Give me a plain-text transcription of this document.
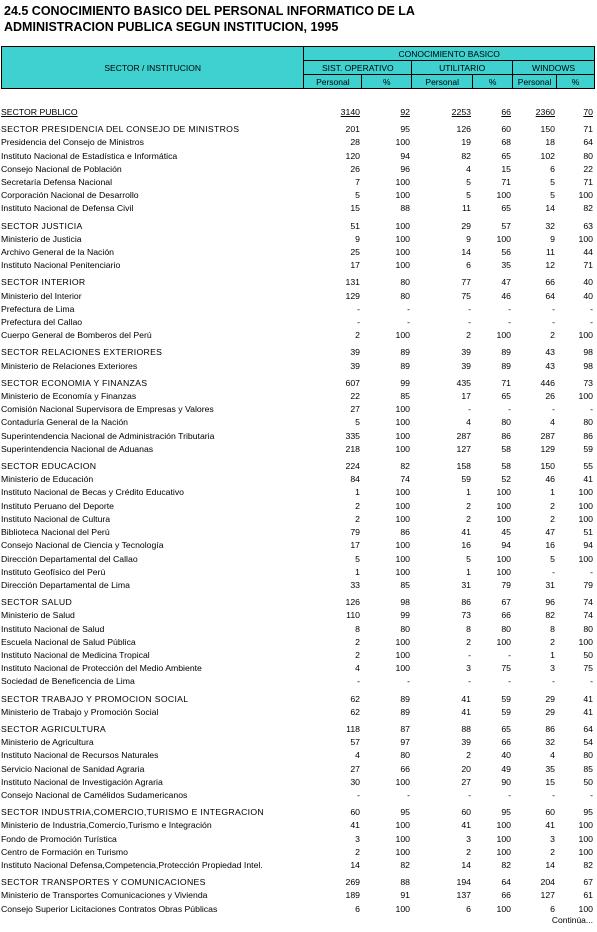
24.5 CONOCIMIENTO BASICO DEL PERSONAL INFORMATICO DE LA
ADMINISTRACION PUBLICA SEGUN INSTITUCION, 1995
SECTOR / INSTITUCION	CONOCIMIENTO BASICO					
	SIST. OPERATIVO		UTILITARIO		WINDOWS	
	Personal	%	Personal	%	Personal	%

SECTOR PUBLICO	3140	92	2253	66	2360	70

SECTOR PRESIDENCIA DEL CONSEJO DE MINISTROS	201	95	126	60	150	71
Presidencia del Consejo de Ministros	28	100	19	68	18	64
Instituto Nacional de Estadística e Informática	120	94	82	65	102	80
Consejo Nacional de Población	26	96	4	15	6	22
Secretaría Defensa Nacional	7	100	5	71	5	71
Corporación Nacional de Desarrollo	5	100	5	100	5	100
Instituto Nacional de Defensa Civil	15	88	11	65	14	82

SECTOR JUSTICIA	51	100	29	57	32	63
Ministerio de Justicia	9	100	9	100	9	100
Archivo General de la Nación	25	100	14	56	11	44
Instituto Nacional Penitenciario	17	100	6	35	12	71

SECTOR INTERIOR	131	80	77	47	66	40
Ministerio del Interior	129	80	75	46	64	40
Prefectura de Lima	-	-	-	-	-	-
Prefectura del Callao	-	-	-	-	-	-
Cuerpo General de Bomberos del Perú	2	100	2	100	2	100

SECTOR RELACIONES EXTERIORES	39	89	39	89	43	98
Ministerio de Relaciones Exteriores	39	89	39	89	43	98

SECTOR ECONOMIA Y FINANZAS	607	99	435	71	446	73
Ministerio de Economía y Finanzas	22	85	17	65	26	100
Comisión Nacional Supervisora de Empresas y Valores	27	100	-	-	-	-
Contaduría General de la Nación	5	100	4	80	4	80
Superintendencia Nacional de Administración Tributaria	335	100	287	86	287	86
Superintendencia Nacional de Aduanas	218	100	127	58	129	59

SECTOR EDUCACION	224	82	158	58	150	55
Ministerio de Educación	84	74	59	52	46	41
Instituto Nacional de Becas y Crédito Educativo	1	100	1	100	1	100
Instituto Peruano del Deporte	2	100	2	100	2	100
Instituto Nacional de Cultura	2	100	2	100	2	100
Biblioteca Nacional del Perú	79	86	41	45	47	51
Consejo Nacional de Ciencia y Tecnología	17	100	16	94	16	94
Dirección Departamental del Callao	5	100	5	100	5	100
Instituto Geofísico del Perú	1	100	1	100	-	-
Dirección Departamental de Lima	33	85	31	79	31	79

SECTOR SALUD	126	98	86	67	96	74
Ministerio de Salud	110	99	73	66	82	74
Instituto Nacional de Salud	8	80	8	80	8	80
Escuela Nacional de Salud Pública	2	100	2	100	2	100
Instituto Nacional de Medicina Tropical	2	100	-	-	1	50
Instituto Nacional de Protección del Medio Ambiente	4	100	3	75	3	75
Sociedad de Beneficencia de Lima	-	-	-	-	-	-

SECTOR TRABAJO Y PROMOCION SOCIAL	62	89	41	59	29	41
Ministerio de Trabajo y Promoción Social	62	89	41	59	29	41

SECTOR AGRICULTURA	118	87	88	65	86	64
Ministerio de Agricultura	57	97	39	66	32	54
Instituto Nacional de Recursos Naturales	4	80	2	40	4	80
Servicio Nacional de Sanidad Agraria	27	66	20	49	35	85
Instituto Nacional de Investigación Agraria	30	100	27	90	15	50
Consejo Nacional de Camélidos Sudamericanos	-	-	-	-	-	-

SECTOR INDUSTRIA,COMERCIO,TURISMO E INTEGRACION	60	95	60	95	60	95
Ministerio de Industria,Comercio,Turismo e Integración	41	100	41	100	41	100
Fondo de Promoción Turística	3	100	3	100	3	100
Centro de Formación en Turismo	2	100	2	100	2	100
Instituto Nacional Defensa,Competencia,Protección Propiedad Intel.	14	82	14	82	14	82

SECTOR TRANSPORTES Y COMUNICACIONES	269	88	194	64	204	67
Ministerio de Transportes Comunicaciones y Vivienda	189	91	137	66	127	61
Consejo Superior Licitaciones Contratos Obras Públicas	6	100	6	100	6	100
Continúa...
